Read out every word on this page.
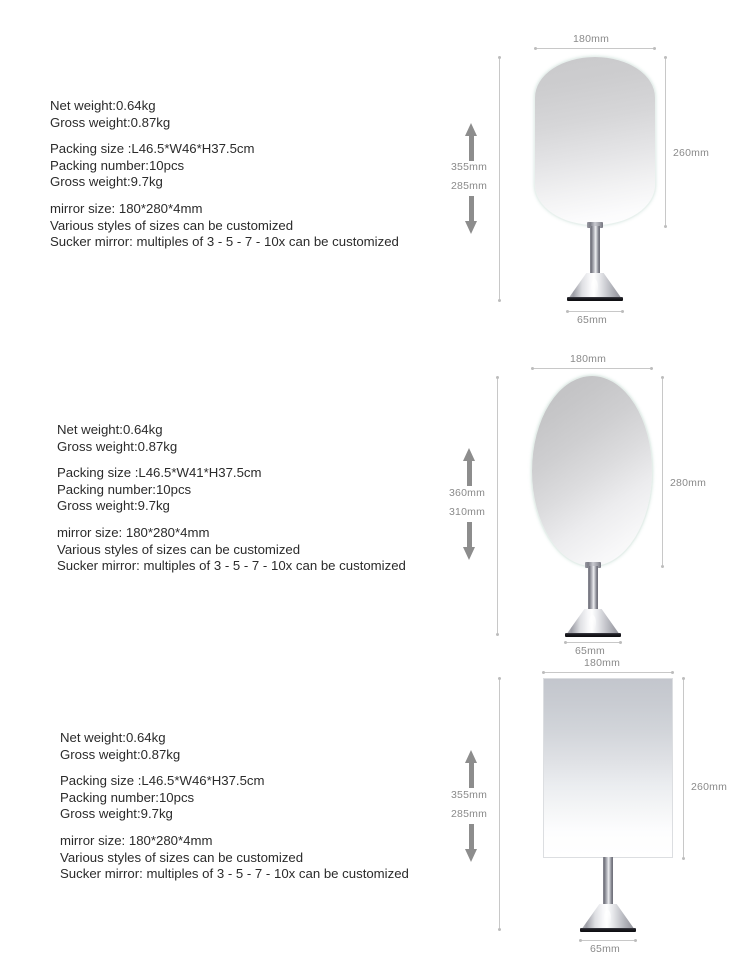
Net weight:0.64kg
Gross weight:0.87kg
Packing size :L46.5*W46*H37.5cm
Packing number:10pcs
Gross weight:9.7kg
mirror size: 180*280*4mm
Various styles of sizes can be customized
Sucker mirror: multiples of 3 - 5 - 7 - 10x can be customized
180mm
65mm
260mm
355mm
285mm
Net weight:0.64kg
Gross weight:0.87kg
Packing size :L46.5*W41*H37.5cm
Packing number:10pcs
Gross weight:9.7kg
mirror size: 180*280*4mm
Various styles of sizes can be customized
Sucker mirror: multiples of 3 - 5 - 7 - 10x can be customized
180mm
65mm
280mm
360mm
310mm
Net weight:0.64kg
Gross weight:0.87kg
Packing size :L46.5*W46*H37.5cm
Packing number:10pcs
Gross weight:9.7kg
mirror size: 180*280*4mm
Various styles of sizes can be customized
Sucker mirror: multiples of 3 - 5 - 7 - 10x can be customized
180mm
65mm
260mm
355mm
285mm
